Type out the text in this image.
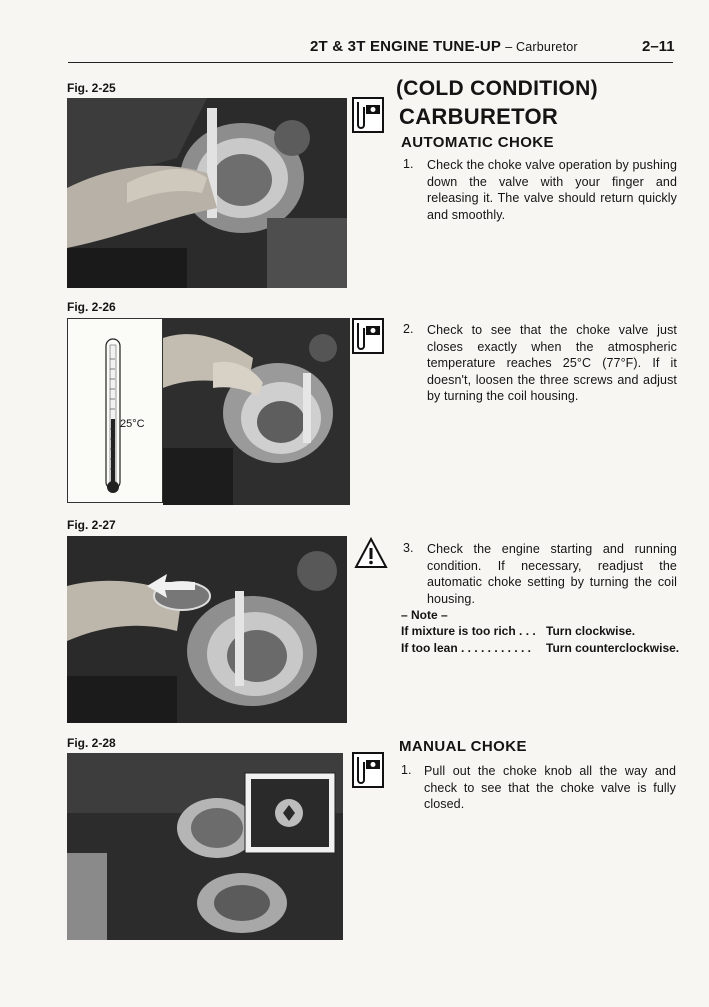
2T & 3T ENGINE TUNE-UP – Carburetor	2–11
Fig. 2-25
Fig. 2-26
25°C
Fig. 2-27
Fig. 2-28
(COLD CONDITION)
CARBURETOR
AUTOMATIC CHOKE
1. Check the choke valve operation by pushing down the valve with your finger and releasing it. The valve should return quickly and smoothly.
2. Check to see that the choke valve just closes exactly when the atmospheric temperature reaches 25°C (77°F). If it doesn't, loosen the three screws and adjust by turning the coil housing.
3. Check the engine starting and running condition. If necessary, readjust the automatic choke setting by turning the coil housing.
– Note –
If mixture is too rich . . . Turn clockwise.
If too lean . . . . . . . . . . . Turn counterclockwise.
MANUAL CHOKE
1. Pull out the choke knob all the way and check to see that the choke valve is fully closed.
